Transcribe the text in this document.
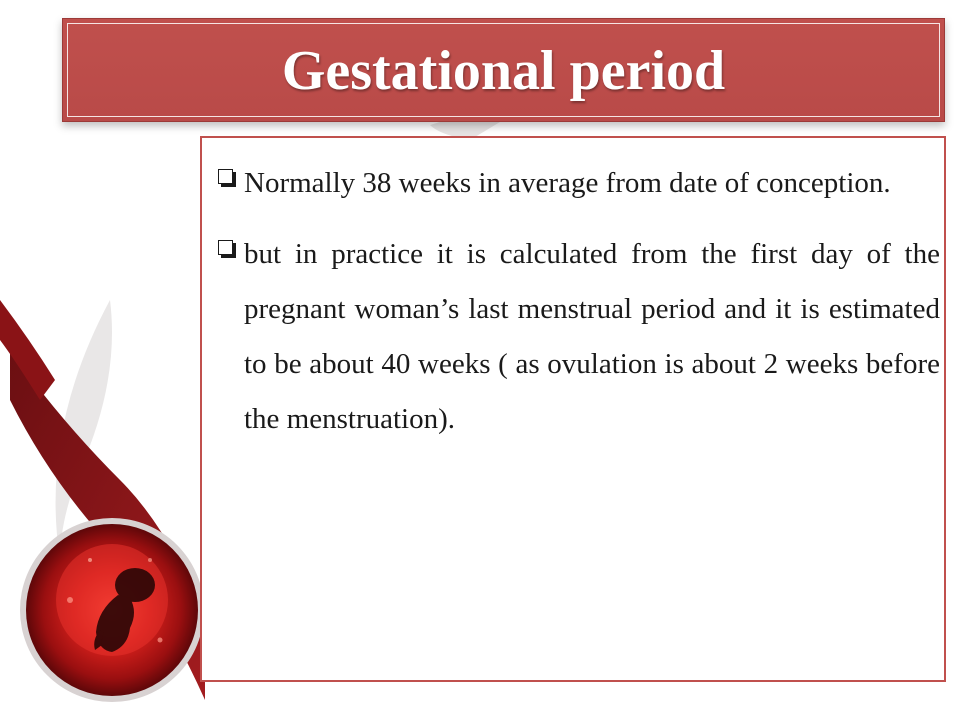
Gestational period
Normally 38 weeks in average from date of conception.
but in practice it is calculated from the first day of the pregnant woman’s last menstrual period and it is estimated to be about 40 weeks ( as ovulation is about 2 weeks before the menstruation).
